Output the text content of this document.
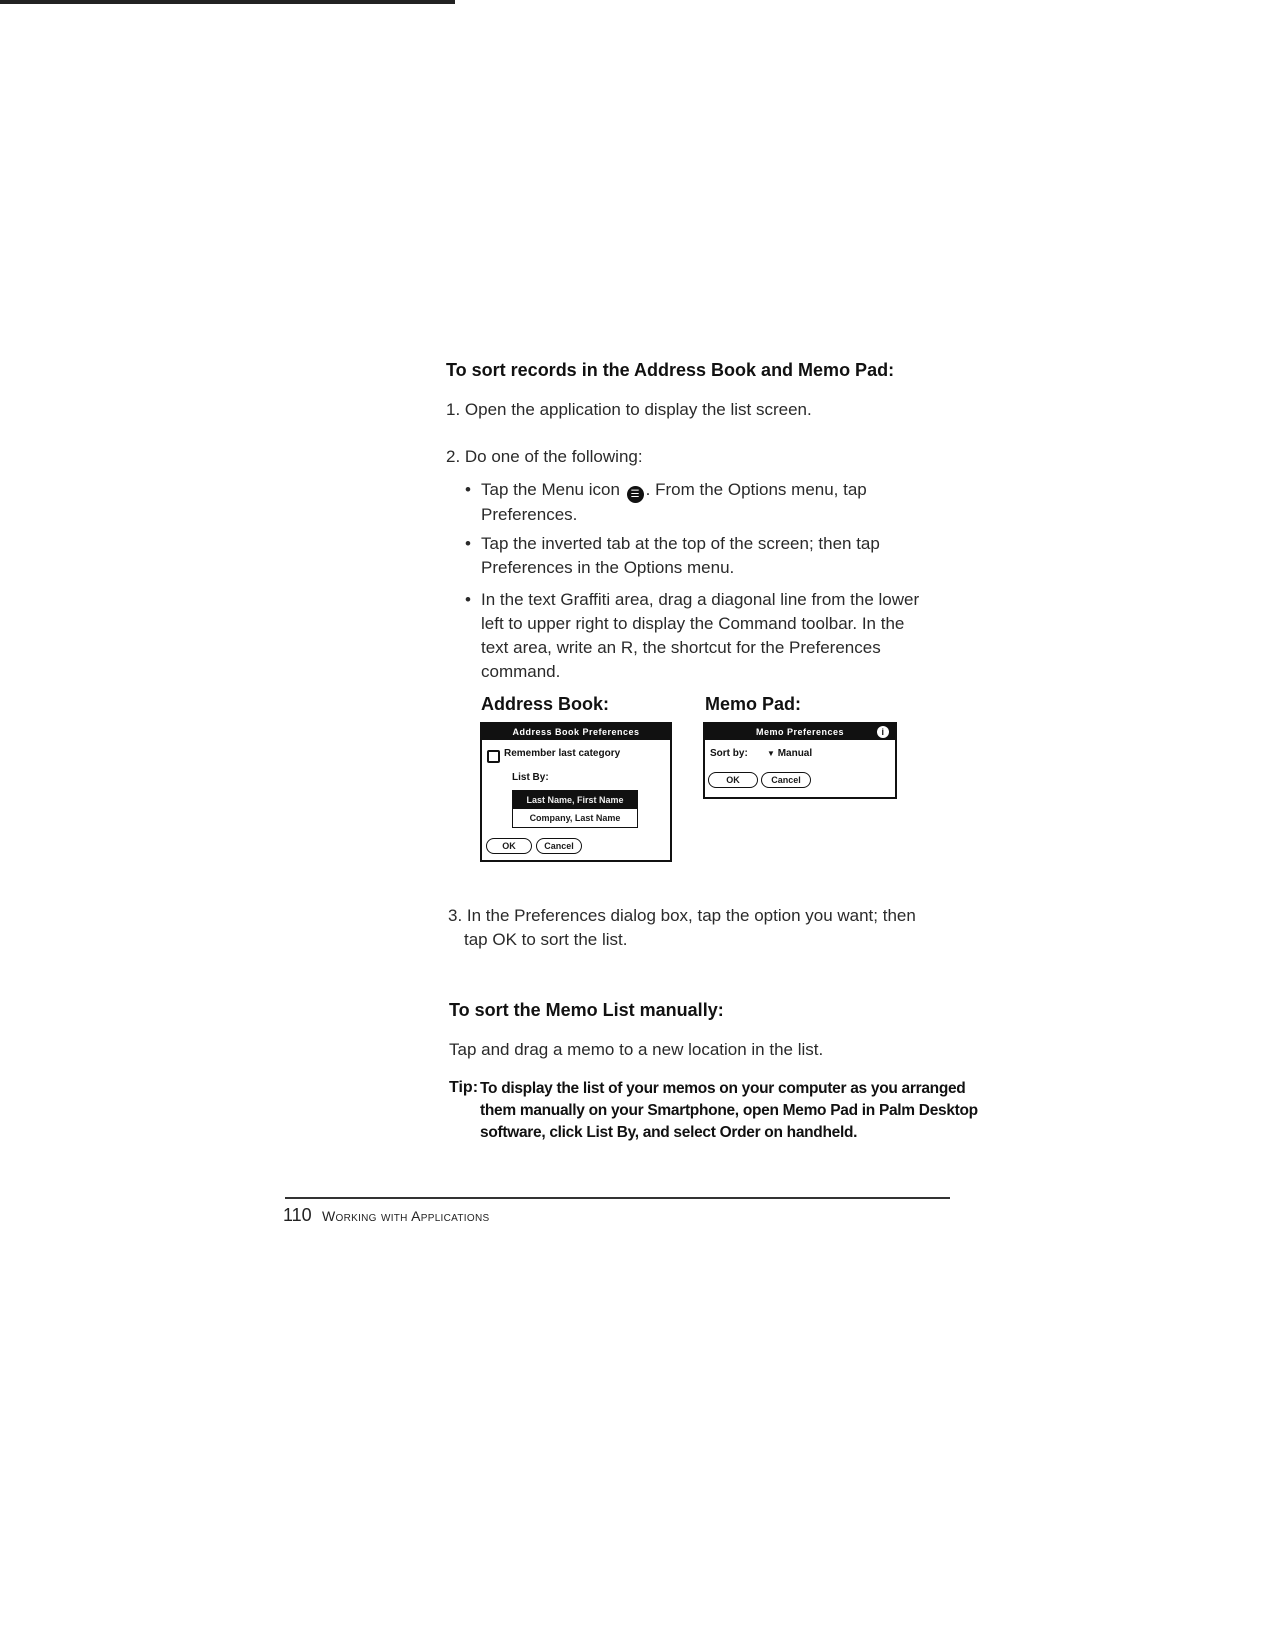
To sort records in the Address Book and Memo Pad:

1. Open the application to display the list screen.

2. Do one of the following:

• Tap the Menu icon ☰ . From the Options menu, tap
Preferences.
• Tap the inverted tab at the top of the screen; then tap
Preferences in the Options menu.
• In the text Graffiti area, drag a diagonal line from the lower
left to upper right to display the Command toolbar. In the
text area, write an R, the shortcut for the Preferences
command.
Address Book:	Memo Pad:
Address Book Preferences
Remember last category
List By:
Last Name, First Name
Company, Last Name
OK	Cancel
Memo Preferences	i
Sort by: ▼ Manual
OK	Cancel
3. In the Preferences dialog box, tap the option you want; then
tap OK to sort the list.
To sort the Memo List manually:

Tap and drag a memo to a new location in the list.

Tip: To display the list of your memos on your computer as you arranged
them manually on your Smartphone, open Memo Pad in Palm Desktop
software, click List By, and select Order on handheld.
110 Working with Applications
